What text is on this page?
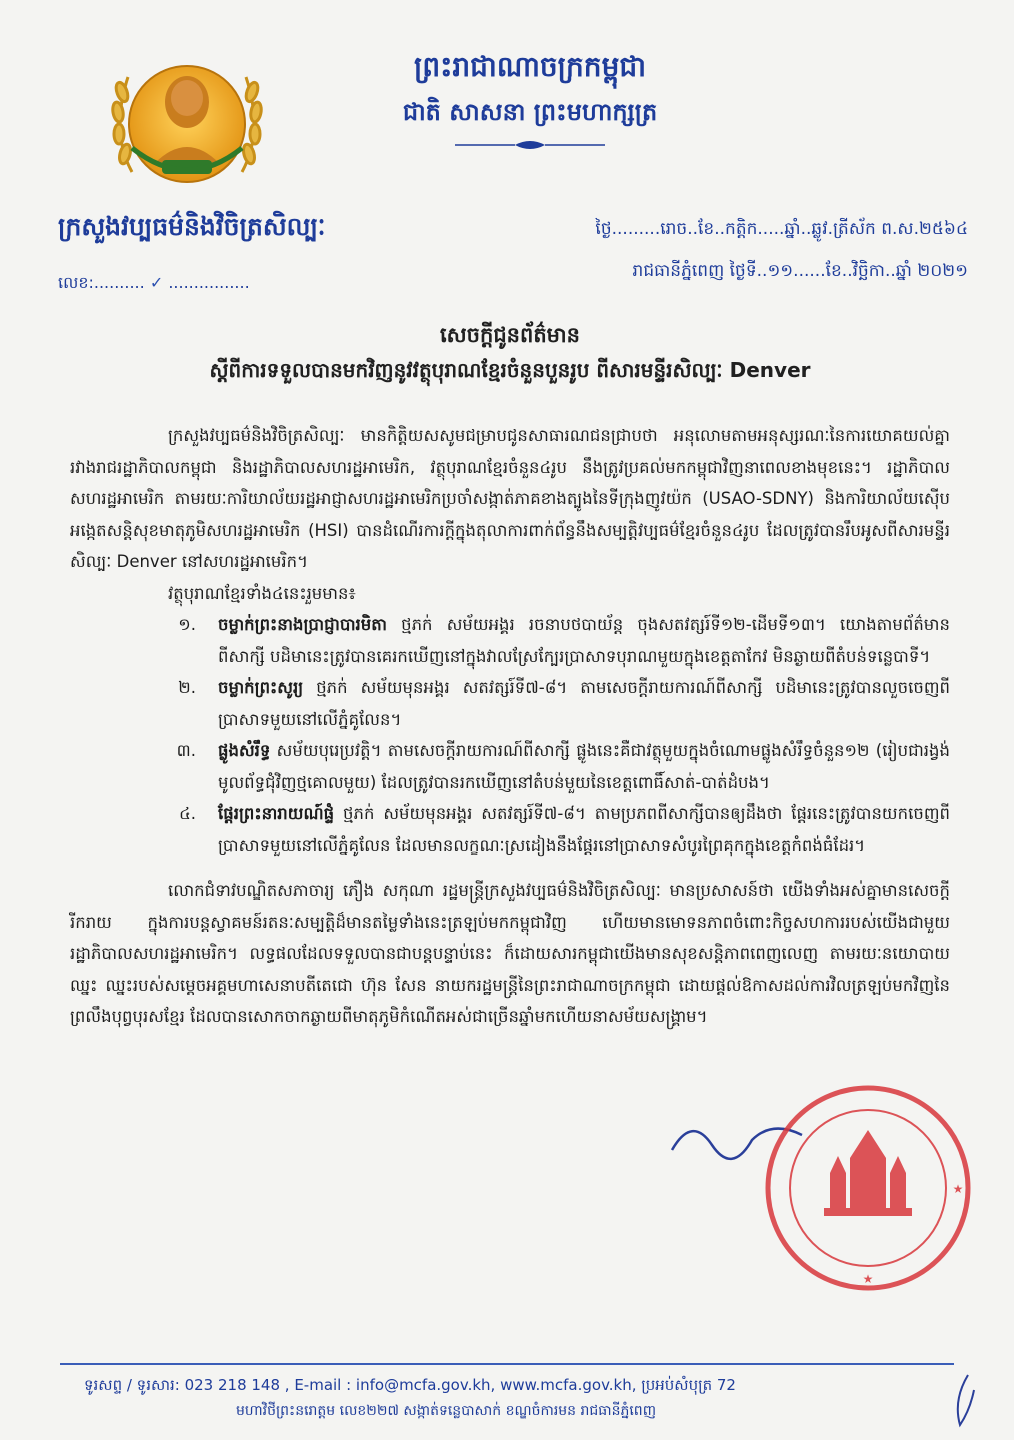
ព្រះរាជាណាចក្រកម្ពុជា
ជាតិ សាសនា ព្រះមហាក្សត្រ
ក្រសួងវប្បធម៌និងវិចិត្រសិល្បៈ
លេខ:.......... ✓ ................
ថ្ងៃ.........រោច..ខែ..កត្តិក.....ឆ្នាំ..ឆ្លូវ.ត្រីស័ក ព.ស.២៥៦៤
រាជធានីភ្នំពេញ ថ្ងៃទី..១១......ខែ..វិច្ឆិកា..ឆ្នាំ ២០២១
សេចក្តីជូនព័ត៌មាន
ស្តីពីការទទួលបានមកវិញនូវវត្ថុបុរាណខ្មែរចំនួនបួនរូប ពីសារមន្ទីរសិល្បៈ Denver

ក្រសួងវប្បធម៌និងវិចិត្រសិល្បៈ មានកិត្តិយសសូមជម្រាបជូនសាធារណជនជ្រាបថា អនុលោមតាមអនុស្សរណៈនៃការយោគយល់គ្នារវាងរាជរដ្ឋាភិបាលកម្ពុជា និងរដ្ឋាភិបាលសហរដ្ឋអាមេរិក, វត្ថុបុរាណខ្មែរចំនួន៤រូប នឹងត្រូវប្រគល់មកកម្ពុជាវិញនាពេលខាងមុខនេះ។ រដ្ឋាភិបាលសហរដ្ឋអាមេរិក តាមរយៈការិយាល័យរដ្ឋអាជ្ញាសហរដ្ឋអាមេរិកប្រចាំសង្កាត់ភាគខាងត្បូងនៃទីក្រុងញូវយ៉ក (USAO-SDNY) និងការិយាល័យស៊ើបអង្កេតសន្តិសុខមាតុភូមិសហរដ្ឋអាមេរិក (HSI) បានដំណើរការក្តីក្នុងតុលាការពាក់ព័ន្ធនឹងសម្បត្តិវប្បធម៌ខ្មែរចំនួន៤រូប ដែលត្រូវបានរឹបអូសពីសារមន្ទីរសិល្បៈ Denver នៅសហរដ្ឋអាមេរិក។

វត្ថុបុរាណខ្មែរទាំង៤នេះរួមមាន៖

១.	ចម្លាក់ព្រះនាងប្រាជ្ញាបារមិតា ថ្មភក់ សម័យអង្គរ រចនាបថបាយ័ន្ត ចុងសតវត្សរ៍ទី១២-ដើមទី១៣។ យោងតាមព័ត៌មានពីសាក្សី បដិមានេះត្រូវបានគេរកឃើញនៅក្នុងវាលស្រែក្បែរប្រាសាទបុរាណមួយក្នុងខេត្តតាកែវ មិនឆ្ងាយពីតំបន់ទន្លេបាទី។
២.	ចម្លាក់ព្រះសូរ្យ ថ្មភក់ សម័យមុនអង្គរ សតវត្សរ៍ទី៧-៨។ តាមសេចក្តីរាយការណ៍ពីសាក្សី បដិមានេះត្រូវបានលួចចេញពីប្រាសាទមួយនៅលើភ្នំគូលែន។
៣.	ផ្លូងសំរឹទ្ធ សម័យបុរេប្រវត្តិ។ តាមសេចក្តីរាយការណ៍ពីសាក្សី ផ្លូងនេះគឺជាវត្ថុមួយក្នុងចំណោមផ្លូងសំរឹទ្ធចំនួន១២ (រៀបជារង្វង់មូលព័ទ្ធជុំវិញថ្មគោលមួយ) ដែលត្រូវបានរកឃើញនៅតំបន់មួយនៃខេត្តពោធិ៍សាត់-បាត់ដំបង។
៤.	ផ្តែរព្រះនារាយណ៍ផ្ទំ ថ្មភក់ សម័យមុនអង្គរ សតវត្សរ៍ទី៧-៨។ តាមប្រភពពីសាក្សីបានឲ្យដឹងថា ផ្តែរនេះត្រូវបានយកចេញពីប្រាសាទមួយនៅលើភ្នំគូលែន ដែលមានលក្ខណៈស្រដៀងនឹងផ្តែរនៅប្រាសាទសំបូរព្រៃគុកក្នុងខេត្តកំពង់ធំដែរ។

លោកជំទាវបណ្ឌិតសភាចារ្យ ភឿង សកុណា រដ្ឋមន្ត្រីក្រសួងវប្បធម៌និងវិចិត្រសិល្បៈ មានប្រសាសន៍ថា យើងទាំងអស់គ្នាមានសេចក្តីរីករាយ ក្នុងការបន្តស្វាគមន៍រតនៈសម្បត្តិដ៏មានតម្លៃទាំងនេះត្រឡប់មកកម្ពុជាវិញ ហើយមានមោទនភាពចំពោះកិច្ចសហការរបស់យើងជាមួយរដ្ឋាភិបាលសហរដ្ឋអាមេរិក។ លទ្ធផលដែលទទួលបានជាបន្តបន្ទាប់នេះ ក៏ដោយសារកម្ពុជាយើងមានសុខសន្តិភាពពេញលេញ តាមរយៈនយោបាយឈ្នះ ឈ្នះរបស់សម្តេចអគ្គមហាសេនាបតីតេជោ ហ៊ុន សែន នាយករដ្ឋមន្ត្រីនៃព្រះរាជាណាចក្រកម្ពុជា ដោយផ្តល់ឱកាសដល់ការវិលត្រឡប់មកវិញនៃព្រលឹងបុព្វបុរសខ្មែរ ដែលបានសោកចាកឆ្ងាយពីមាតុភូមិកំណើតអស់ជាច្រើនឆ្នាំមកហើយនាសម័យសង្គ្រាម។

★
★
ទូរសព្ទ / ទូរសារ: 023 218 148 , E-mail : info@mcfa.gov.kh, www.mcfa.gov.kh, ប្រអប់សំបុត្រ 72
មហាវិថីព្រះនរោត្តម លេខ២២៧ សង្កាត់ទន្លេបាសាក់ ខណ្ឌចំការមន រាជធានីភ្នំពេញ
